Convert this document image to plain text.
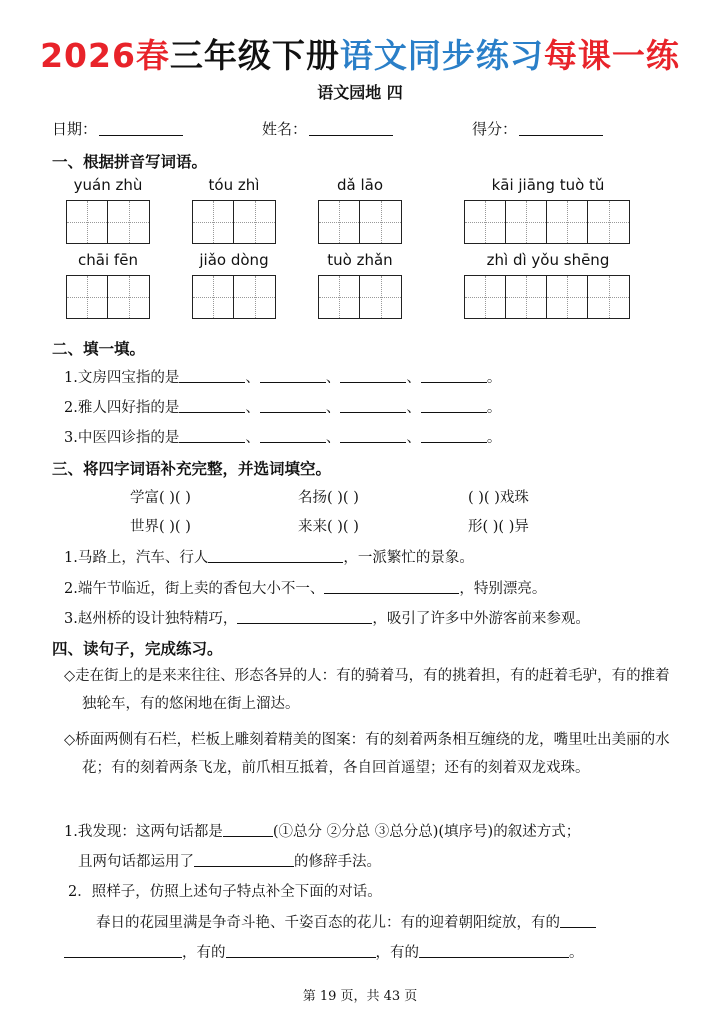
2026春三年级下册语文同步练习每课一练
语文园地 四
日期：	姓名：	得分：
一、根据拼音写词语。
yuán zhù	tóu zhì	dǎ lāo	kāi jiāng tuò tǔ
chāi fēn	jiǎo dòng	tuò zhǎn	zhì dì yǒu shēng
二、填一填。
1.文房四宝指的是	、	、	、	。
2.雅人四好指的是	、	、	、	。
3.中医四诊指的是	、	、	、	。
三、将四字词语补充完整，并选词填空。
学富( )( )	名扬( )( )	( )( )戏珠
世界( )( )	来来( )( )	形( )( )异
1.马路上，汽车、行人	，一派繁忙的景象。
2.端午节临近，街上卖的香包大小不一、	，特别漂亮。
3.赵州桥的设计独特精巧，	，吸引了许多中外游客前来参观。
四、读句子，完成练习。
◇走在街上的是来来往往、形态各异的人：有的骑着马，有的挑着担，有的赶着毛驴，有的推着独轮车，有的悠闲地在街上溜达。
◇桥面两侧有石栏，栏板上雕刻着精美的图案：有的刻着两条相互缠绕的龙，嘴里吐出美丽的水花；有的刻着两条飞龙，前爪相互抵着，各自回首遥望；还有的刻着双龙戏珠。
1.我发现：这两句话都是	(①总分 ②分总 ③总分总)(填序号)的叙述方式；
且两句话都运用了	的修辞手法。
2．照样子，仿照上述句子特点补全下面的对话。
春日的花园里满是争奇斗艳、千姿百态的花儿：有的迎着朝阳绽放，有的
，有的	，有的	。
第 19 页，共 43 页
